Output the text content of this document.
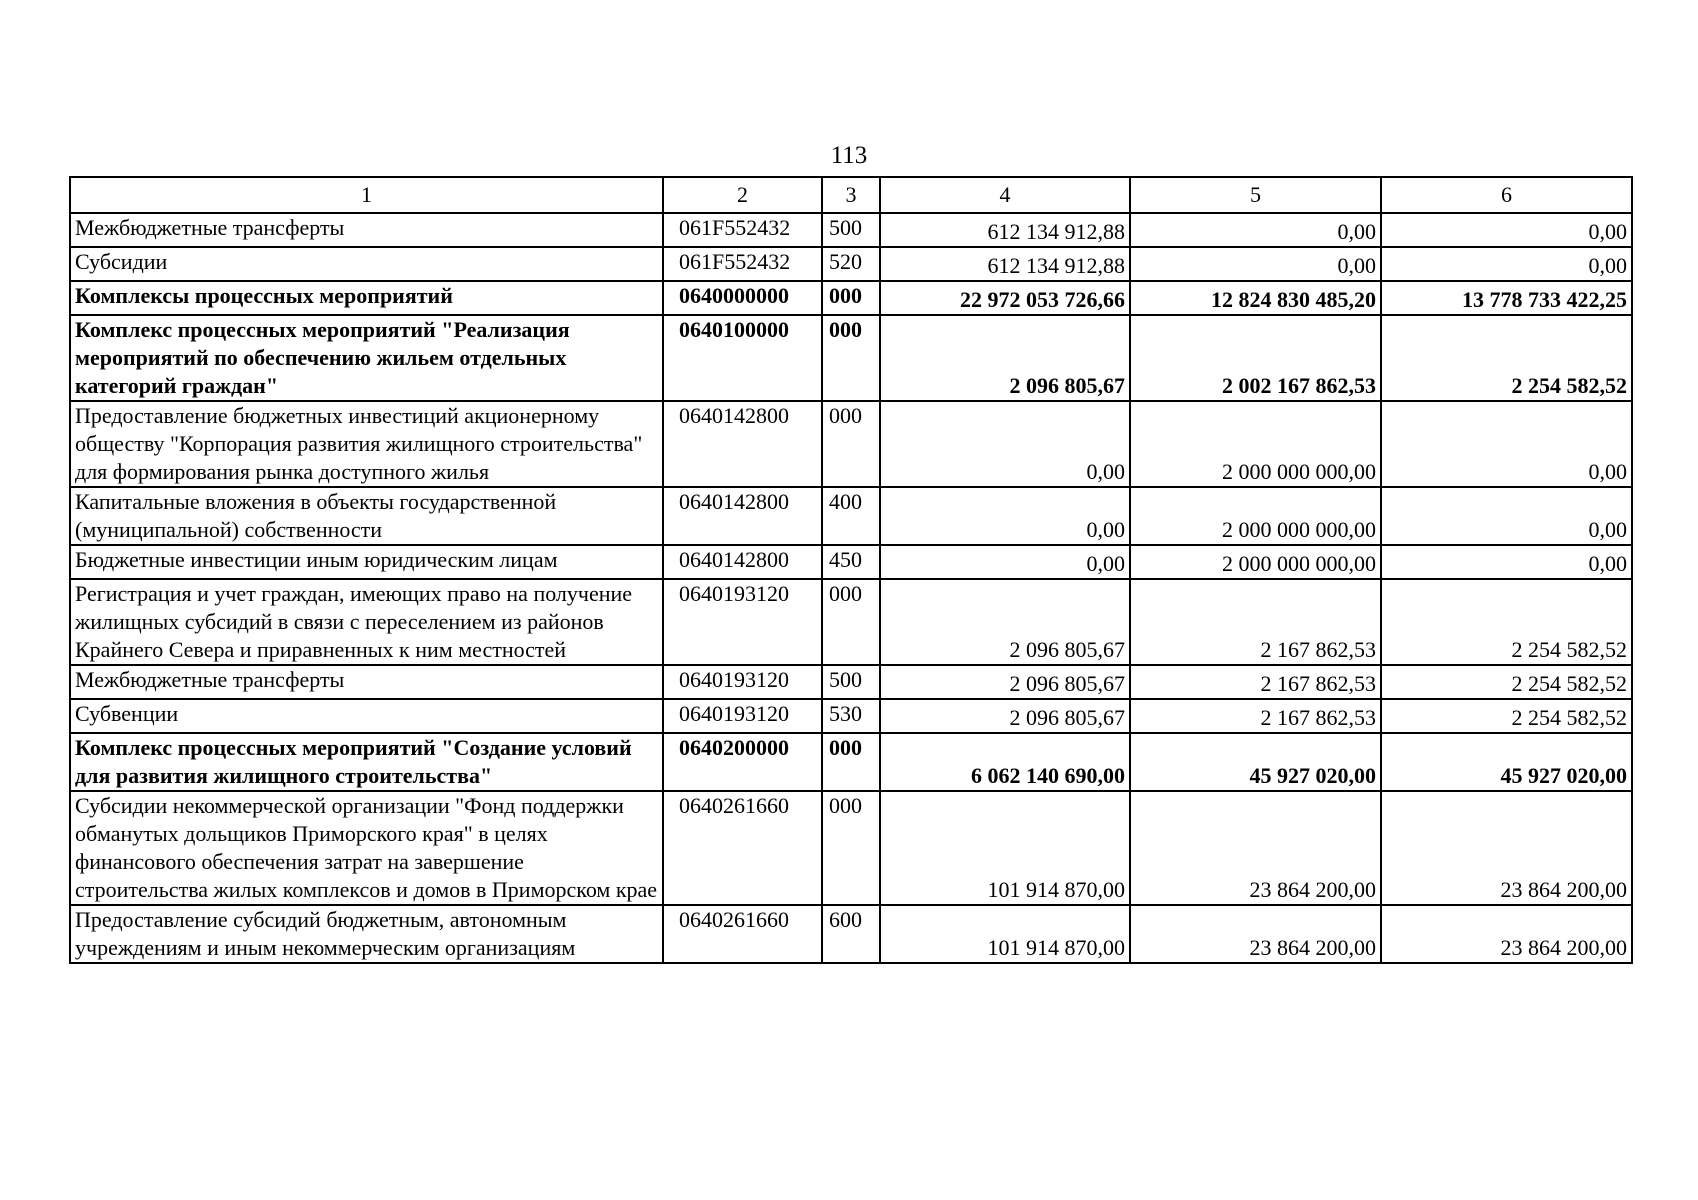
113
1	2	3	4	5	6
Межбюджетные трансферты	061F552432	500	612 134 912,88	0,00	0,00
Субсидии	061F552432	520	612 134 912,88	0,00	0,00
Комплексы процессных мероприятий	0640000000	000	22 972 053 726,66	12 824 830 485,20	13 778 733 422,25
Комплекс процессных мероприятий "Реализация мероприятий по обеспечению жильем отдельных категорий граждан"	0640100000	000	2 096 805,67	2 002 167 862,53	2 254 582,52
Предоставление бюджетных инвестиций акционерному обществу "Корпорация развития жилищного строительства" для формирования рынка доступного жилья	0640142800	000	0,00	2 000 000 000,00	0,00
Капитальные вложения в объекты государственной (муниципальной) собственности	0640142800	400	0,00	2 000 000 000,00	0,00
Бюджетные инвестиции иным юридическим лицам	0640142800	450	0,00	2 000 000 000,00	0,00
Регистрация и учет граждан, имеющих право на получение жилищных субсидий в связи с переселением из районов Крайнего Севера и приравненных к ним местностей	0640193120	000	2 096 805,67	2 167 862,53	2 254 582,52
Межбюджетные трансферты	0640193120	500	2 096 805,67	2 167 862,53	2 254 582,52
Субвенции	0640193120	530	2 096 805,67	2 167 862,53	2 254 582,52
Комплекс процессных мероприятий "Создание условий для развития жилищного строительства"	0640200000	000	6 062 140 690,00	45 927 020,00	45 927 020,00
Субсидии некоммерческой организации "Фонд поддержки обманутых дольщиков Приморского края" в целях финансового обеспечения затрат на завершение строительства жилых комплексов и домов в Приморском крае	0640261660	000	101 914 870,00	23 864 200,00	23 864 200,00
Предоставление субсидий бюджетным, автономным учреждениям и иным некоммерческим организациям	0640261660	600	101 914 870,00	23 864 200,00	23 864 200,00
